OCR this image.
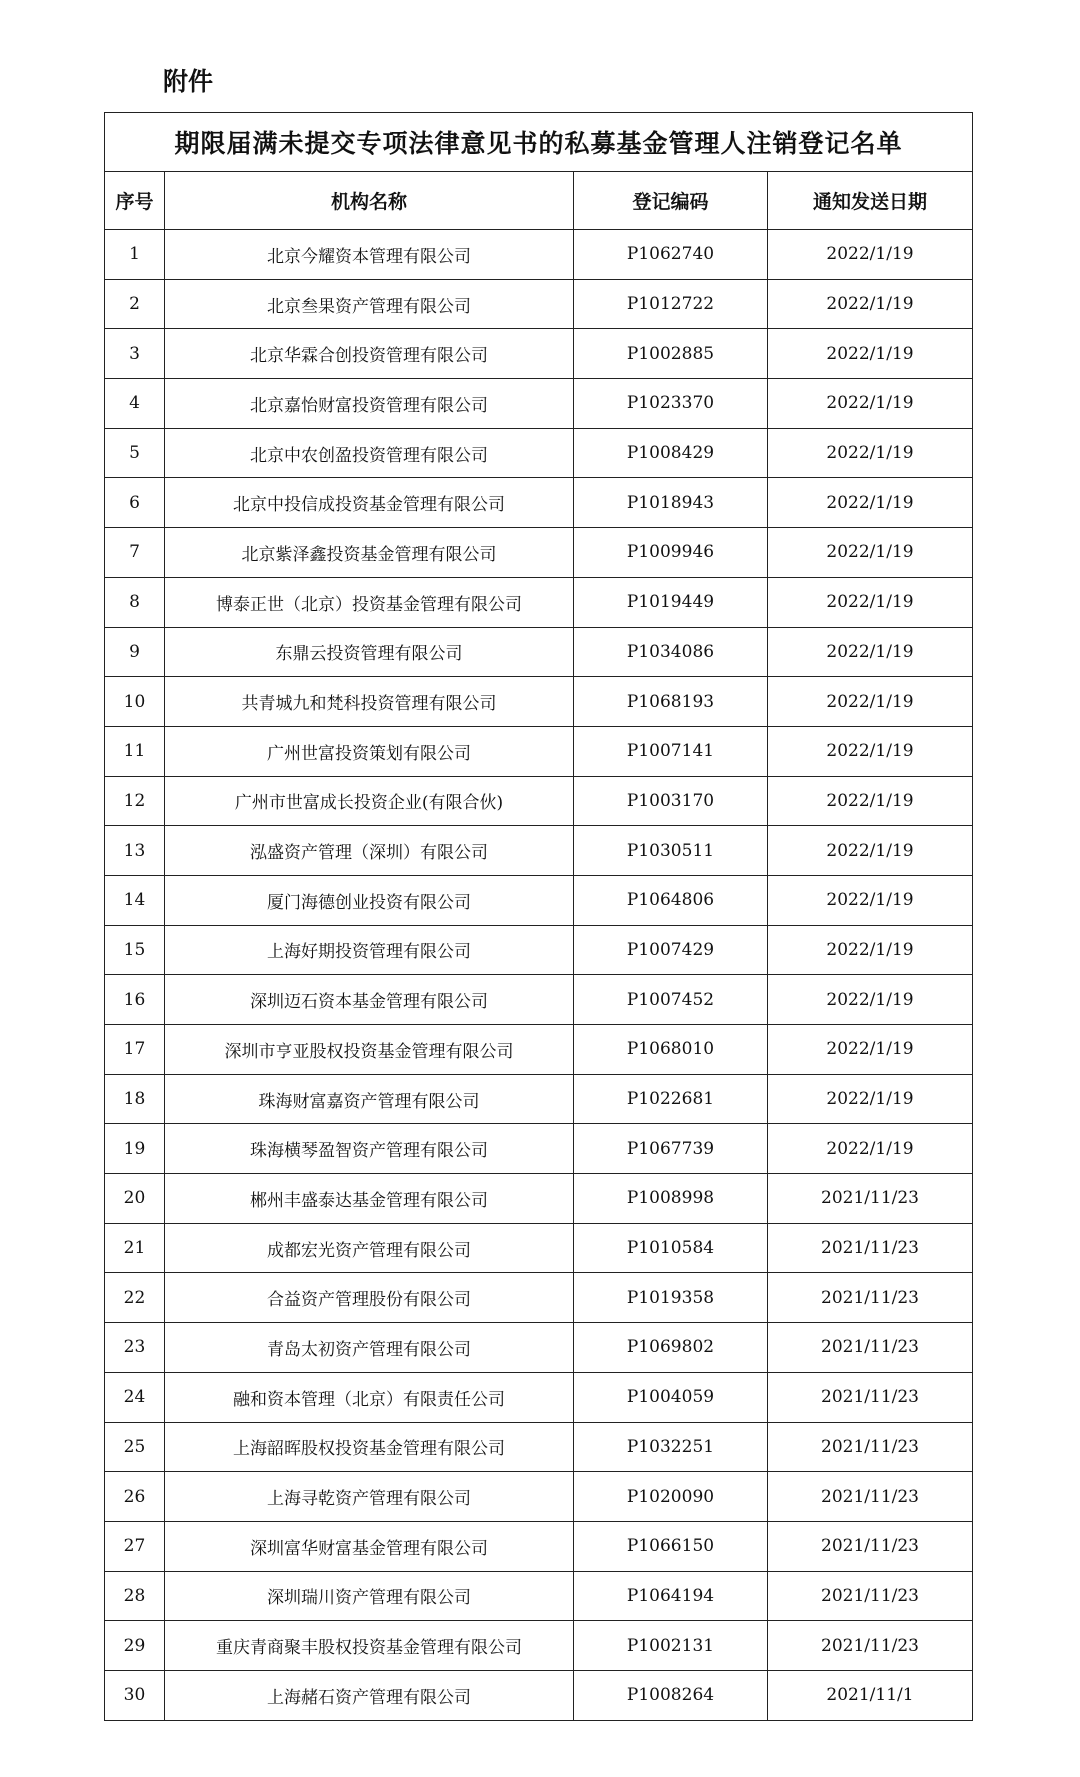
附件
期限届满未提交专项法律意见书的私募基金管理人注销登记名单			
序号	机构名称	登记编码	通知发送日期
1	北京今耀资本管理有限公司	P1062740	2022/1/19
2	北京叁果资产管理有限公司	P1012722	2022/1/19
3	北京华霖合创投资管理有限公司	P1002885	2022/1/19
4	北京嘉怡财富投资管理有限公司	P1023370	2022/1/19
5	北京中农创盈投资管理有限公司	P1008429	2022/1/19
6	北京中投信成投资基金管理有限公司	P1018943	2022/1/19
7	北京紫泽鑫投资基金管理有限公司	P1009946	2022/1/19
8	博泰正世（北京）投资基金管理有限公司	P1019449	2022/1/19
9	东鼎云投资管理有限公司	P1034086	2022/1/19
10	共青城九和梵科投资管理有限公司	P1068193	2022/1/19
11	广州世富投资策划有限公司	P1007141	2022/1/19
12	广州市世富成长投资企业(有限合伙)	P1003170	2022/1/19
13	泓盛资产管理（深圳）有限公司	P1030511	2022/1/19
14	厦门海德创业投资有限公司	P1064806	2022/1/19
15	上海好期投资管理有限公司	P1007429	2022/1/19
16	深圳迈石资本基金管理有限公司	P1007452	2022/1/19
17	深圳市亨亚股权投资基金管理有限公司	P1068010	2022/1/19
18	珠海财富嘉资产管理有限公司	P1022681	2022/1/19
19	珠海横琴盈智资产管理有限公司	P1067739	2022/1/19
20	郴州丰盛泰达基金管理有限公司	P1008998	2021/11/23
21	成都宏光资产管理有限公司	P1010584	2021/11/23
22	合益资产管理股份有限公司	P1019358	2021/11/23
23	青岛太初资产管理有限公司	P1069802	2021/11/23
24	融和资本管理（北京）有限责任公司	P1004059	2021/11/23
25	上海韶晖股权投资基金管理有限公司	P1032251	2021/11/23
26	上海寻乾资产管理有限公司	P1020090	2021/11/23
27	深圳富华财富基金管理有限公司	P1066150	2021/11/23
28	深圳瑞川资产管理有限公司	P1064194	2021/11/23
29	重庆青商聚丰股权投资基金管理有限公司	P1002131	2021/11/23
30	上海赭石资产管理有限公司	P1008264	2021/11/1
